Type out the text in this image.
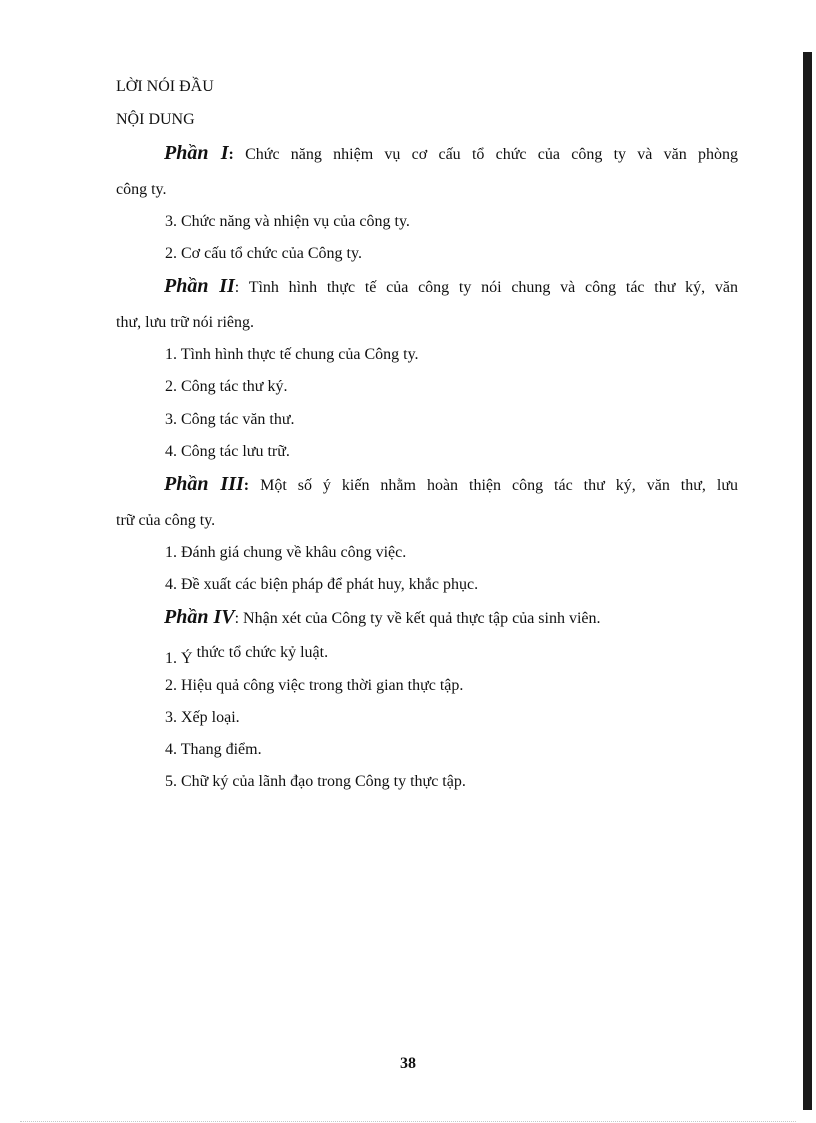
LỜI NÓI ĐẦU
NỘI DUNG
Phần I: Chức năng nhiệm vụ cơ cấu tổ chức của công ty và văn phòng
công ty.
3. Chức năng và nhiện vụ của công ty.
2. Cơ cấu tổ chức của Công ty.
Phần II: Tình hình thực tế của công ty nói chung và công tác thư ký, văn
thư, lưu trữ nói riêng.
1. Tình hình thực tế chung của Công ty.
2. Công tác thư ký.
3. Công tác văn thư.
4. Công tác lưu trữ.
Phần III: Một số ý kiến nhằm hoàn thiện công tác thư ký, văn thư, lưu
trữ của công ty.
1. Đánh giá chung về khâu công việc.
4. Đề xuất các biện pháp để phát huy, khắc phục.
Phần IV: Nhận xét của Công ty về kết quả thực tập của sinh viên.
1. Ý thức tổ chức kỷ luật.
2. Hiệu quả công việc trong thời gian thực tập.
3. Xếp loại.
4. Thang điểm.
5. Chữ ký của lãnh đạo trong Công ty thực tập.
38
